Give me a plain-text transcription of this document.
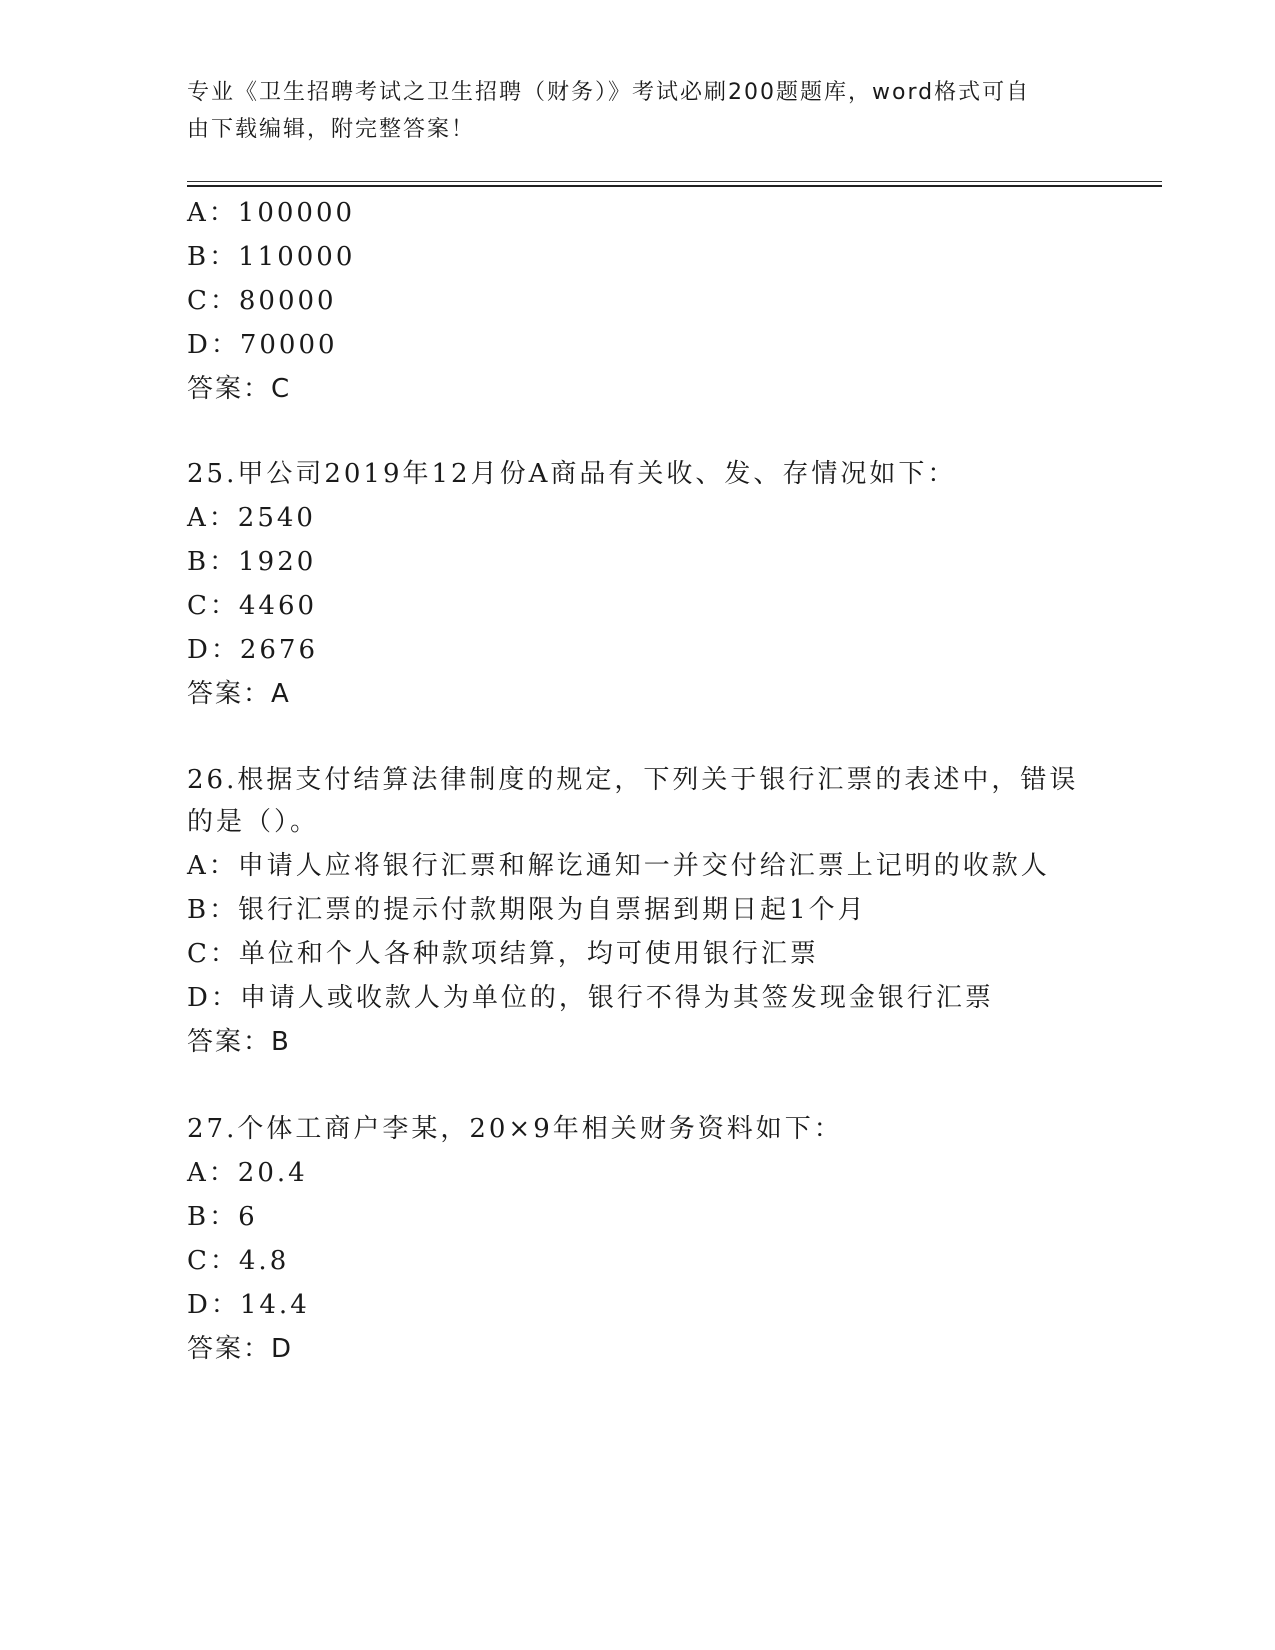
专业《卫生招聘考试之卫生招聘（财务）》考试必刷200题题库，word格式可自
由下载编辑，附完整答案！
A：100000
B：110000
C：80000
D：70000
答案：C
25.甲公司2019年12月份A商品有关收、发、存情况如下：
A：2540
B：1920
C：4460
D：2676
答案：A
26.根据支付结算法律制度的规定，下列关于银行汇票的表述中，错误
的是（）。
A：申请人应将银行汇票和解讫通知一并交付给汇票上记明的收款人
B：银行汇票的提示付款期限为自票据到期日起1个月
C：单位和个人各种款项结算，均可使用银行汇票
D：申请人或收款人为单位的，银行不得为其签发现金银行汇票
答案：B
27.个体工商户李某，20×9年相关财务资料如下：
A：20.4
B：6
C：4.8
D：14.4
答案：D
